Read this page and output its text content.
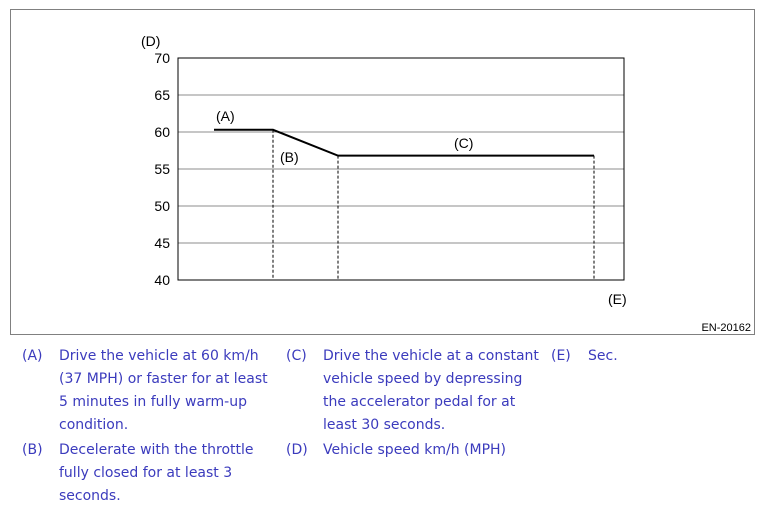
40
45
50
55
60
65
70
(D)
(E)
(A)
(B)
(C)
EN-20162
(A) Drive the vehicle at 60 km/h (37 MPH) or faster for at least 5 minutes in fully warm-up condition.
(B) Decelerate with the throttle fully closed for at least 3 seconds.
(C) Drive the vehicle at a constant vehicle speed by depressing the accelerator pedal for at least 30 seconds.
(D) Vehicle speed km/h (MPH)
(E) Sec.
